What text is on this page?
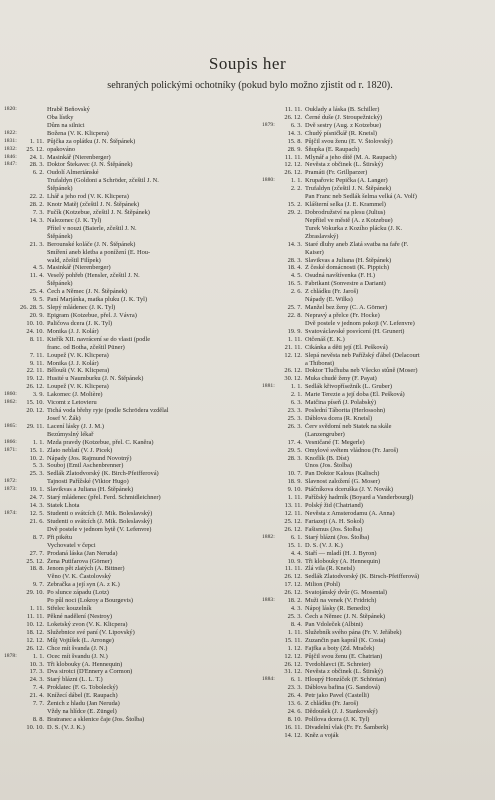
Soupis her

sehraných polickými ochotníky (pokud bylo možno zjistit od r. 1820).

1820:	Hrabě Beňovský
Oba lístky
Dům na silnici
1822:	Božena (V. K. Klicpera)
1831:	1. 11. Půjčka za oplátku (J. N. Štěpánek)
1832:	25. 12. opakováno
1846:	24. 1. Masinkář (Nierenberger)
1847:	28. 3. Doktor Štekavec (J. N. Štěpánek)
6. 2. Oudolí Almeriánské
Trufaldyn (Goldoni a Schröder, zčeštil J. N.
Štěpánek)
22. 2. Lhář a jeho rod (V. K. Klicpera)
28. 2. Knotr Matěj (zčeštil J. N. Štěpánek)
7. 3. Fučík (Kotzebue, zčeštil J. N. Štěpánek)
14. 3. Nalezenec (J. K. Tyl)
Přítel v nouzi (Baierle, zčeštil J. N.
Štěpánek)
21. 3. Berounské koláče (J. N. Štěpánek)
Smíření aneb kletba a ponížení (E. Hou-
wald, zčeštil Filípek)
4. 5. Masinkář (Nierenberger)
11. 4. Veselý pohřeb (Hensler, zčeštil J. N.
Štěpánek)
25. 4. Čech a Němec (J. N. Štěpánek)
9. 5. Paní Marjánka, matka pluku (J. K. Tyl)
26. 28. 5. Slepý mládenec (J. K. Tyl)
20. 9. Epigram (Kotzebue, přel. J. Vávra)
10. 10. Paličova dcera (J. K. Tyl)
24. 10. Monika (J. J. Kolár)
8. 11. Kteřík XII. navrácení se do vlasti (podle
franc. od Botha, zčeštil Püner)
7. 11. Loupež (V. K. Klicpera)
9. 11. Monika (J. J. Kolár)
22. 11. Bělouši (V. K. Klicpera)
19. 12. Husité u Naumburku (J. N. Štěpánek)
26. 12. Loupež (V. K. Klicpera)
1860:	3. 9. Lakomec (J. Molière)
1862:	15. 10. Vicomt z Letovieru
20. 12. Tichá voda břehy ryje (podle Schrödera vzdělal
Josef V. Žák)
1865:	29. 11. Lacení lásky (J. J. M.)
Bezúmyslný lékař
1866:	1. 1. Mzda pravdy (Kotzebue, přel. C. Kaněra)
1871:	15. 1. Zlato neblatí (V. J. Picek)
10. 2. Nápady (Jos. Rajmund Novotný)
5. 3. Souboj (Emil Aschenbrenner)
25. 3. Sedlák Zlatodvorský (K. Birch-Pfeifferová)
1872:	Tajnosti Pařížské (Viktor Hugo)
1873:	19. 1. Slavikvas a Juliana (H. Štěpánek)
24. 7. Starý mládenec (přel. Ferd. Schmidleichner)
14. 3. Statek Lhota
1874:	12. 5. Studenti o svátcích (J. Mik. Boleslavský)
21. 6. Studenti o svátcích (J. Mik. Boleslavský)
Dvě postele v jednom bytě (V. Lefenvre)
8. 7. Při pikétu
Vychovatel v čepci
27. 7. Prodaná láska (Jan Neruda)
25. 12. Žena Putifarova (Görner)
18. 8. Jenom pět zlatých (A. Bittner)
Věno (V. K. Častolovský
9. 7. Zebračka a její syn (A. z K.)
29. 10. Po slunce západu (Lotz)
Po půl noci (Lokroy a Bourgevis)
1. 11. Střelec kouzelník
11. 11. Pěkné nadělení (Nestroy)
10. 12. Loketský zvon (V. K. Klicpera)
18. 12. Služebnice své paní (V. Lipovský)
12. 12. Můj Vojtíšek (L. Arronge)
26. 12. Chce mít švanda (J. N.)
1878:	1. 1. Ocec mít švandu (J. N.)
10. 3. Tři klobouky (A. Hennequin)
17. 3. Dva sirotci (D'Ennery a Cormon)
24. 3. Starý blázni (L. L. T.)
7. 4. Proklatec (F. G. Tobolecký)
21. 4. Knížecí dábel (E. Raupach)
7. 7. Ženich z hladu (Jan Neruda)
Vždy na hlídce (E. Züngel)
8. 8. Bratranec a sklenice čaje (Jos. Štolba)
10. 10. D. S. (V. J. K.)
11. 11. Ouklady a láska (B. Schiller)
26. 12. Černé duše (J. Stroupežnický)
1879:	6. 3. Dvě sestry (Aug. z Kotzebue)
14. 3. Chudý písničkář (R. Kneisl)
15. 8. Půjčil svou ženu (E. V. Štolovský)
28. 9. Šňupka (E. Raupach)
11. 11. Mlynář a jeho dítě (M. A. Raupach)
12. 12. Nevěsta z občinek (L. Štirský)
26. 12. Pramáti (Fr. Grillparzer)
1880:	1. 1. Krupařovic Pepička (A. Langer)
2. 2. Trufaldyn (zčeštil J. N. Štěpánek)
Pan Franc neb Sedlák šelma velká (A. Volf)
15. 2. Klášterní selka (J. E. Krammel)
29. 2. Dobrodružství na plesu (Julius)
Nepřítel ve městě (A. z Kotzebue)
Turek Vokurka z Kozího plácku (J. K.
Zbraslavský)
14. 3. Staré dluhy aneb Zlatá svatba na faře (F.
Kaiser)
28. 3. Slavikvas a Juliana (H. Štěpánek)
18. 4. Z české domácnosti (K. Pippich)
4. 5. Osudná navštívenka (F. H.)
16. 5. Fabrikant (Sonvestre a Dariant)
2. 6. Z chládku (Fr. Jaroš)
Nápady (E. Wilks)
25. 7. Manžel bez ženy (C. A. Görner)
22. 8. Nepravý a přelce (Fr. Hocke)
Dvě postele v jednom pokoji (V. Lefenvre)
19. 9. Svatováclavské posvícení (H. Grunert)
1. 11. Otčenáš (E. K.)
21. 11. Cikánka a děti její (El. Pešková)
12. 12. Slepá nevěsta neb Pařížský ďábel (Delacourt
a Thibonst)
26. 12. Doktor Tlučhuba neb Všecko stůně (Moser)
30. 12. Muka chudé ženy (F. Payat)
1881:	1. 1. Sedlák křivopřísežník (L. Gruber)
2. 1. Marie Terezie a její doba (El. Pešková)
6. 3. Matčina píseň (J. Polabský)
23. 3. Poslední Táborita (Herlossohn)
25. 3. Dáblova dcera (R. Kneisl)
26. 3. Červ svědomí neb Statek na skále
(Lanzengruber)
17. 4. Vesničané (T. Megerle)
29. 5. Omylové světem vládnou (Fr. Jaroš)
28. 3. Knoflík (B. Díst)
Únos (Jos. Štolba)
10. 7. Pan Doktor Kalous (Kalisch)
18. 9. Slavnost založení (G. Moser)
9. 10. Ptáčníkova dceruška (J. Y. Novák)
1. 11. Pařížský hadrník (Boyard a Vanderbourgl)
13. 11. Polský žid (Chatriand)
12. 11. Nevěsta z Amsterodamu (A. Anna)
25. 12. Fariazeji (A. H. Sokol)
26. 12. Fašismus (Jos. Štolba)
1882:	6. 1. Starý blázni (Jos. Štolba)
15. 1. D. S. (V. J. K.)
4. 4. Staří — mladí (H. J. Byron)
10. 9. Tři klobouky (A. Hennequin)
11. 11. Zlá vila (R. Kneisl)
26. 12. Sedlák Zlatodvorský (K. Birsch-Pfeifferová)
17. 12. Milion (Pohl)
26. 12. Svatojánský dvůr (G. Mosental)
1883:	18. 2. Muži na venek (V. Fridrich)
4. 3. Nápoj lásky (R. Benedix)
25. 3. Čech a Němec (J. N. Štěpánek)
8. 4. Pan Vdoleček (Albini)
1. 11. Služebník svého pána (Fr. V. Jeřábek)
15. 11. Zuzančin pan kaprál (K. Costa)
1. 12. Fajfka a boty (Zd. Mraček)
12. 12. Půjčil svou ženu (E. Chatrian)
26. 12. Tvrdohlavci (E. Schreier)
31. 12. Nevěsta z občinek (L. Štirský)
1884:	6. 1. Hloupý Honzíček (F. Schöntan)
23. 3. Dáblova bafina (G. Sandová)
26. 4. Petr jako Pavel (Castelli)
13. 6. Z chládku (Fr. Jaroš)
24. 6. Dědoušek (J. J. Stankovský)
8. 10. Polilova dcera (J. K. Tyl)
16. 11. Divadelní vlak (Fr. Fr. Šamberk)
14. 12. Kněz a voják
